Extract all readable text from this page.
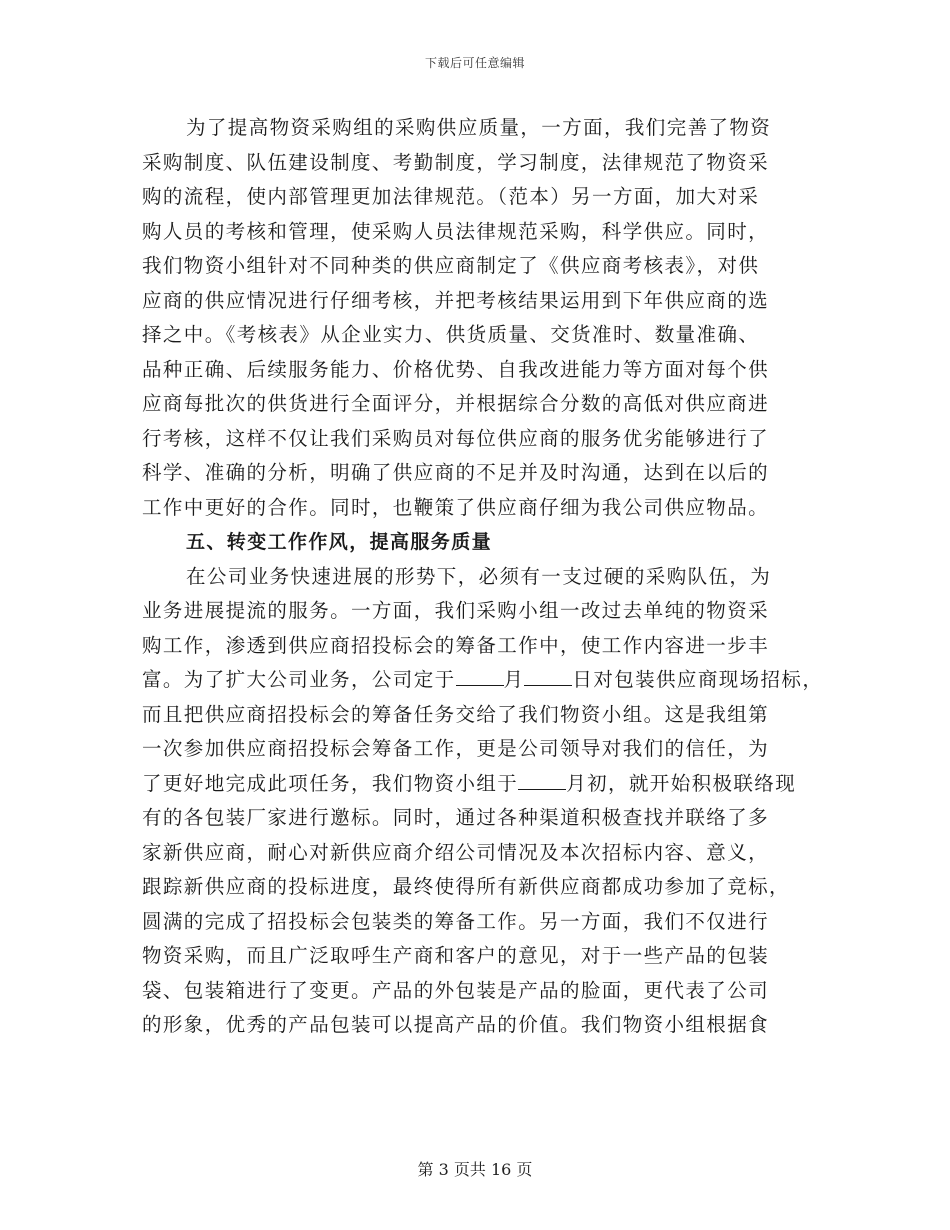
下载后可任意编辑
为了提高物资采购组的采购供应质量，一方面，我们完善了物资
采购制度、队伍建设制度、考勤制度，学习制度，法律规范了物资采
购的流程，使内部管理更加法律规范。（范本）另一方面，加大对采
购人员的考核和管理，使采购人员法律规范采购，科学供应。同时，
我们物资小组针对不同种类的供应商制定了《供应商考核表》，对供
应商的供应情况进行仔细考核，并把考核结果运用到下年供应商的选
择之中。《考核表》从企业实力、供货质量、交货准时、数量准确、
品种正确、后续服务能力、价格优势、自我改进能力等方面对每个供
应商每批次的供货进行全面评分，并根据综合分数的高低对供应商进
行考核，这样不仅让我们采购员对每位供应商的服务优劣能够进行了
科学、准确的分析，明确了供应商的不足并及时沟通，达到在以后的
工作中更好的合作。同时，也鞭策了供应商仔细为我公司供应物品。
五、转变工作作风，提高服务质量
在公司业务快速进展的形势下，必须有一支过硬的采购队伍，为
业务进展提流的服务。一方面，我们采购小组一改过去单纯的物资采
购工作，渗透到供应商招投标会的筹备工作中，使工作内容进一步丰
富。为了扩大公司业务，公司定于 月 日对包装供应商现场招标，
而且把供应商招投标会的筹备任务交给了我们物资小组。这是我组第
一次参加供应商招投标会筹备工作，更是公司领导对我们的信任，为
了更好地完成此项任务，我们物资小组于 月初，就开始积极联络现
有的各包装厂家进行邀标。同时，通过各种渠道积极查找并联络了多
家新供应商，耐心对新供应商介绍公司情况及本次招标内容、意义，
跟踪新供应商的投标进度，最终使得所有新供应商都成功参加了竞标，
圆满的完成了招投标会包装类的筹备工作。另一方面，我们不仅进行
物资采购，而且广泛取呼生产商和客户的意见，对于一些产品的包装
袋、包装箱进行了变更。产品的外包装是产品的脸面，更代表了公司
的形象，优秀的产品包装可以提高产品的价值。我们物资小组根据食
第 3 页共 16 页
